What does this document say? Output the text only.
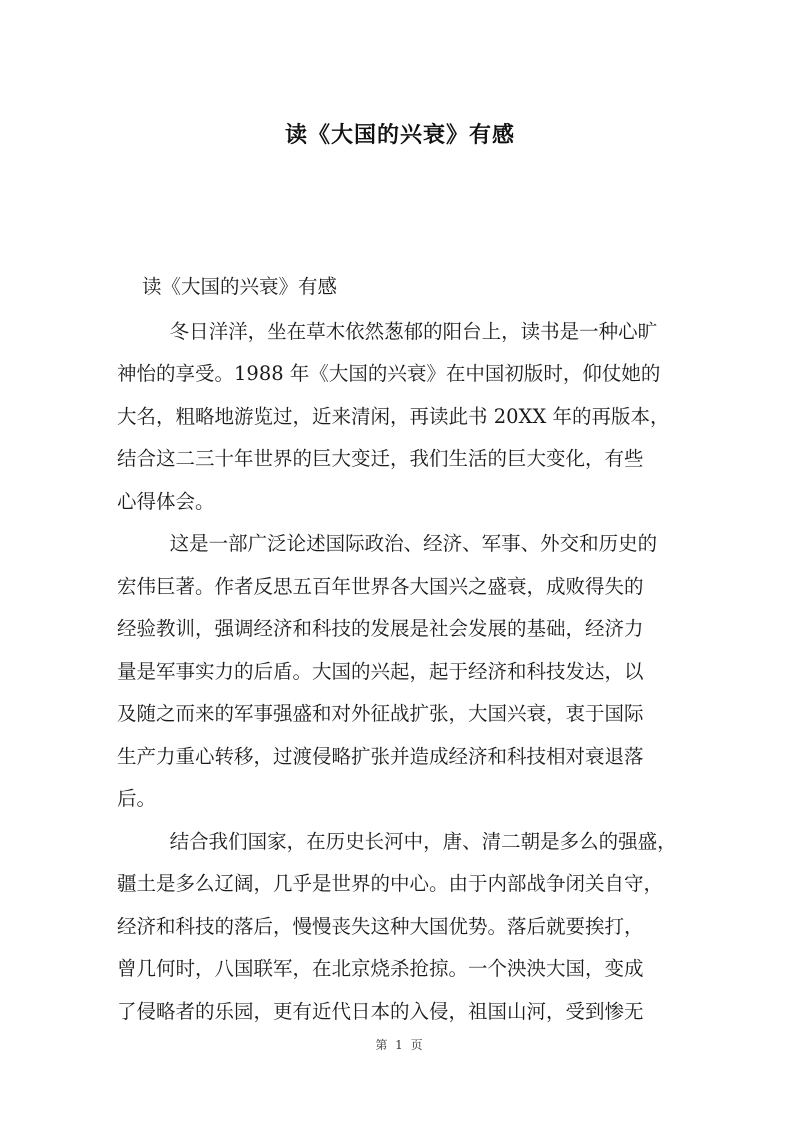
读《大国的兴衰》有感

读《大国的兴衰》有感

冬日洋洋，坐在草木依然葱郁的阳台上，读书是一种心旷

神怡的享受。1988 年《大国的兴衰》在中国初版时，仰仗她的

大名，粗略地游览过，近来清闲，再读此书 20XX 年的再版本，

结合这二三十年世界的巨大变迁，我们生活的巨大变化，有些

心得体会。

这是一部广泛论述国际政治、经济、军事、外交和历史的

宏伟巨著。作者反思五百年世界各大国兴之盛衰，成败得失的

经验教训，强调经济和科技的发展是社会发展的基础，经济力

量是军事实力的后盾。大国的兴起，起于经济和科技发达，以

及随之而来的军事强盛和对外征战扩张，大国兴衰，衷于国际

生产力重心转移，过渡侵略扩张并造成经济和科技相对衰退落

后。

结合我们国家，在历史长河中，唐、清二朝是多么的强盛，

疆土是多么辽阔，几乎是世界的中心。由于内部战争闭关自守，

经济和科技的落后，慢慢丧失这种大国优势。落后就要挨打，

曾几何时，八国联军，在北京烧杀抢掠。一个泱泱大国，变成

了侵略者的乐园，更有近代日本的入侵，祖国山河，受到惨无

第 1 页
